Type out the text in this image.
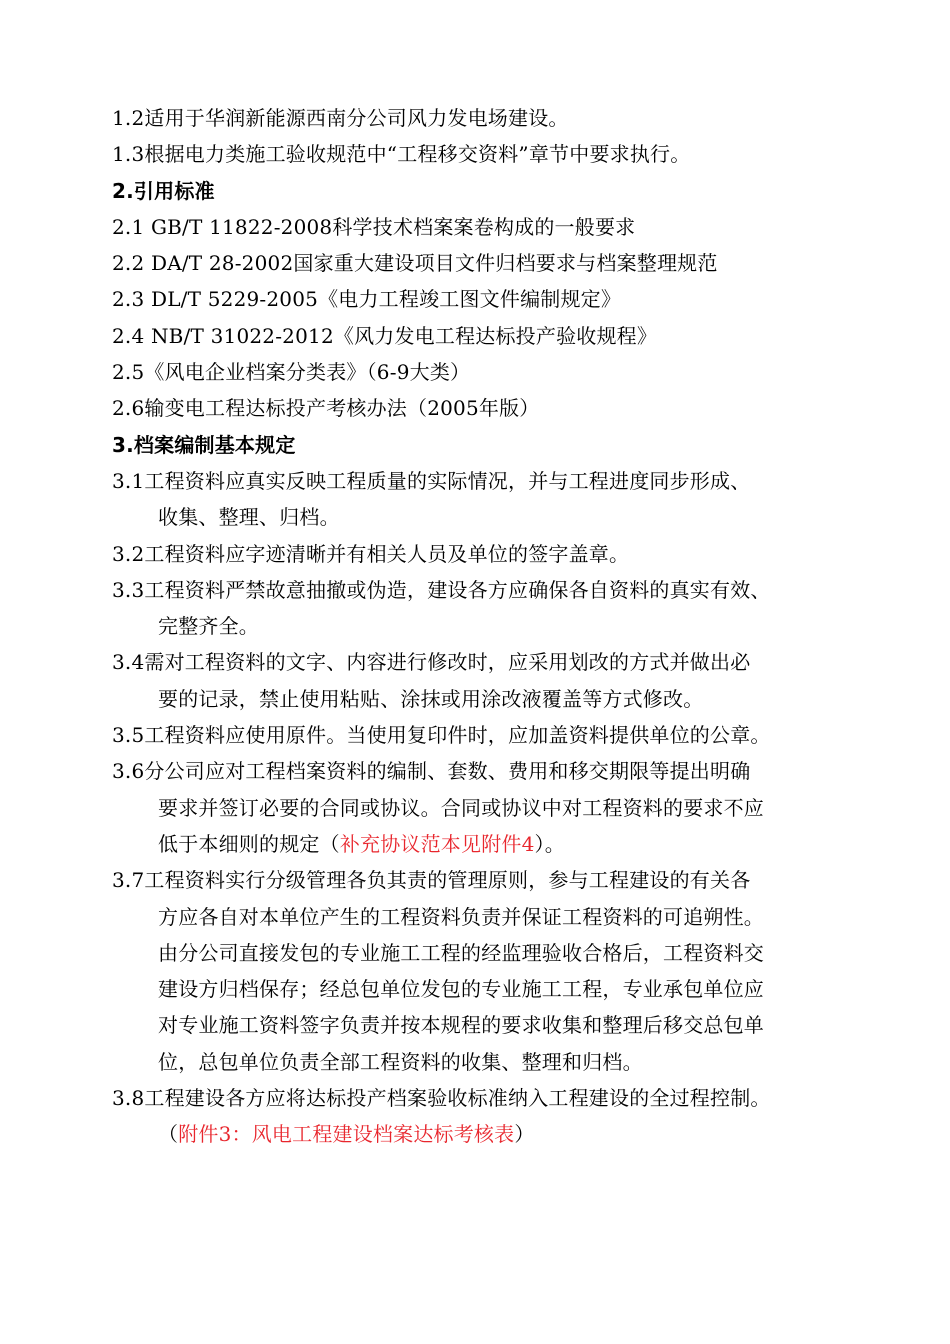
1.2适用于华润新能源西南分公司风力发电场建设。
1.3根据电力类施工验收规范中“工程移交资料”章节中要求执行。
2.引用标准
2.1 GB/T 11822-2008科学技术档案案卷构成的一般要求
2.2 DA/T 28-2002国家重大建设项目文件归档要求与档案整理规范
2.3 DL/T 5229-2005《电力工程竣工图文件编制规定》
2.4 NB/T 31022-2012《风力发电工程达标投产验收规程》
2.5《风电企业档案分类表》（6-9大类）
2.6输变电工程达标投产考核办法（2005年版）
3.档案编制基本规定
3.1工程资料应真实反映工程质量的实际情况，并与工程进度同步形成、
收集、整理、归档。
3.2工程资料应字迹清晰并有相关人员及单位的签字盖章。
3.3工程资料严禁故意抽撤或伪造，建设各方应确保各自资料的真实有效、
完整齐全。
3.4需对工程资料的文字、内容进行修改时，应采用划改的方式并做出必
要的记录，禁止使用粘贴、涂抹或用涂改液覆盖等方式修改。
3.5工程资料应使用原件。当使用复印件时，应加盖资料提供单位的公章。
3.6分公司应对工程档案资料的编制、套数、费用和移交期限等提出明确
要求并签订必要的合同或协议。合同或协议中对工程资料的要求不应
低于本细则的规定（补充协议范本见附件4）。
3.7工程资料实行分级管理各负其责的管理原则，参与工程建设的有关各
方应各自对本单位产生的工程资料负责并保证工程资料的可追朔性。
由分公司直接发包的专业施工工程的经监理验收合格后，工程资料交
建设方归档保存；经总包单位发包的专业施工工程，专业承包单位应
对专业施工资料签字负责并按本规程的要求收集和整理后移交总包单
位，总包单位负责全部工程资料的收集、整理和归档。
3.8工程建设各方应将达标投产档案验收标准纳入工程建设的全过程控制。
（附件3：风电工程建设档案达标考核表）
